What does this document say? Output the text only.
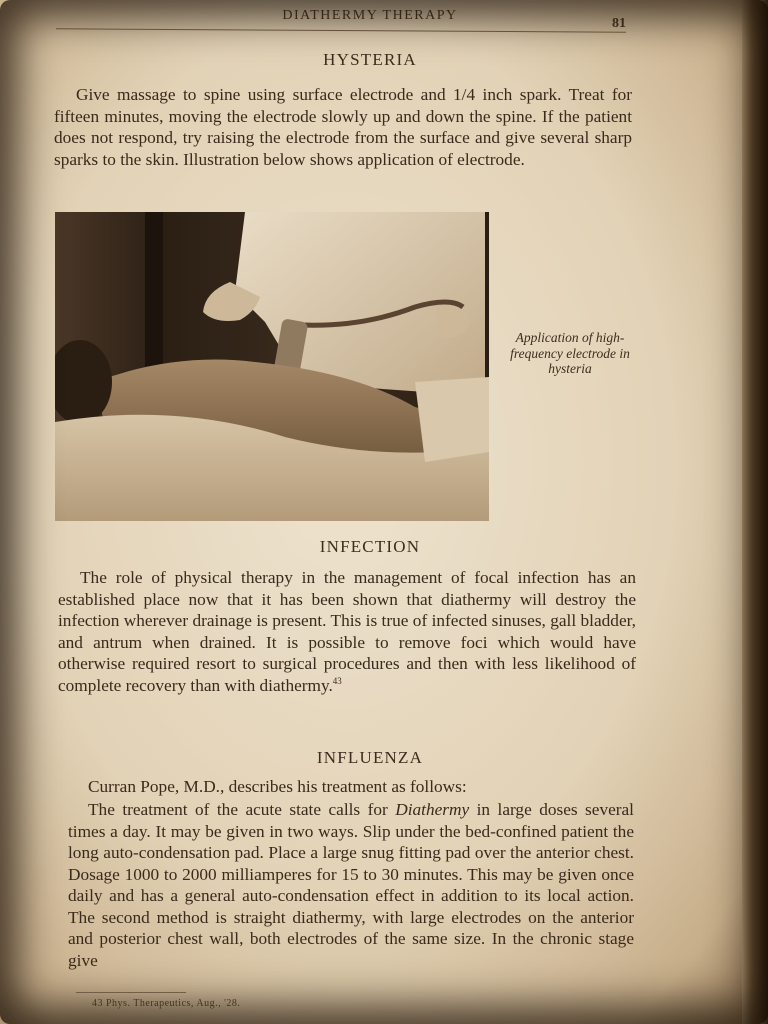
DIATHERMY THERAPY
81
HYSTERIA

Give massage to spine using surface electrode and 1/4 inch spark. Treat for fifteen minutes, moving the electrode slowly up and down the spine. If the patient does not respond, try raising the electrode from the surface and give several sharp sparks to the skin. Illustration below shows application of electrode.

Application of high-frequency electrode in hysteria
INFECTION

The role of physical therapy in the management of focal infection has an established place now that it has been shown that diathermy will destroy the infection wherever drainage is present. This is true of infected sinuses, gall bladder, and antrum when drained. It is possible to remove foci which would have otherwise required resort to surgical procedures and then with less likelihood of complete recovery than with diathermy.$^{43}$

INFLUENZA

Curran Pope, M.D., describes his treatment as follows:

The treatment of the acute state calls for Diathermy in large doses several times a day. It may be given in two ways. Slip under the bed-confined patient the long auto-condensation pad. Place a large snug fitting pad over the anterior chest. Dosage 1000 to 2000 milliamperes for 15 to 30 minutes. This may be given once daily and has a general auto-condensation effect in addition to its local action. The second method is straight diathermy, with large electrodes on the anterior and posterior chest wall, both electrodes of the same size. In the chronic stage give

43 Phys. Therapeutics, Aug., '28.
